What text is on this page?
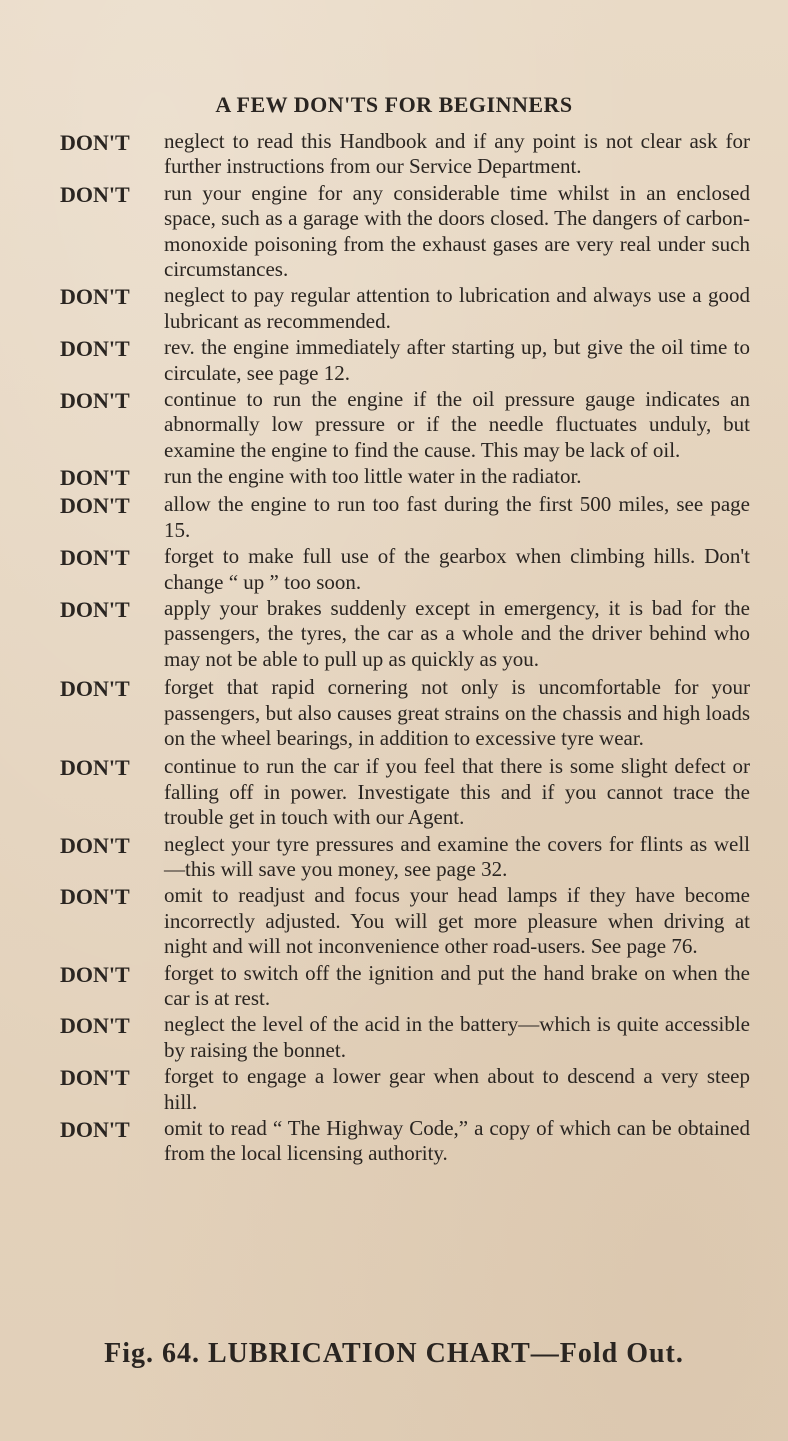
A FEW DON'TS FOR BEGINNERS
DON'T	neglect to read this Handbook and if any point is not clear ask for further instructions from our Service Department.
DON'T	run your engine for any considerable time whilst in an enclosed space, such as a garage with the doors closed. The dangers of carbon-monoxide poisoning from the exhaust gases are very real under such circumstances.
DON'T	neglect to pay regular attention to lubrication and always use a good lubricant as recommended.
DON'T	rev. the engine immediately after starting up, but give the oil time to circulate, see page 12.
DON'T	continue to run the engine if the oil pressure gauge indicates an abnormally low pressure or if the needle fluctuates unduly, but examine the engine to find the cause. This may be lack of oil.
DON'T	run the engine with too little water in the radiator.
DON'T	allow the engine to run too fast during the first 500 miles, see page 15.
DON'T	forget to make full use of the gearbox when climbing hills. Don't change “ up ” too soon.
DON'T	apply your brakes suddenly except in emergency, it is bad for the passengers, the tyres, the car as a whole and the driver behind who may not be able to pull up as quickly as you.
DON'T	forget that rapid cornering not only is uncomfortable for your passengers, but also causes great strains on the chassis and high loads on the wheel bearings, in addition to excessive tyre wear.
DON'T	continue to run the car if you feel that there is some slight defect or falling off in power. Investigate this and if you cannot trace the trouble get in touch with our Agent.
DON'T	neglect your tyre pressures and examine the covers for flints as well—this will save you money, see page 32.
DON'T	omit to readjust and focus your head lamps if they have become incorrectly adjusted. You will get more pleasure when driving at night and will not inconvenience other road-users. See page 76.
DON'T	forget to switch off the ignition and put the hand brake on when the car is at rest.
DON'T	neglect the level of the acid in the battery—which is quite accessible by raising the bonnet.
DON'T	forget to engage a lower gear when about to descend a very steep hill.
DON'T	omit to read “ The Highway Code,” a copy of which can be obtained from the local licensing authority.
Fig. 64. LUBRICATION CHART—Fold Out.
